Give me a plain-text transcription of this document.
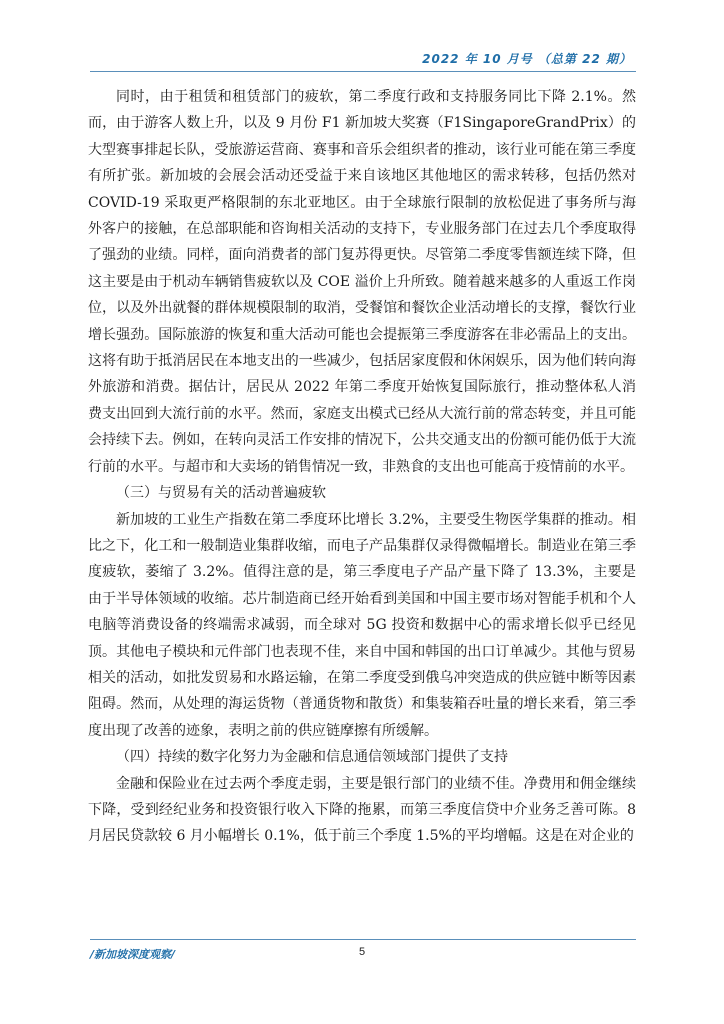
2022 年 10 月号 （总第 22 期）

同时，由于租赁和租赁部门的疲软，第二季度行政和支持服务同比下降 2.1%。然而，由于游客人数上升，以及 9 月份 F1 新加坡大奖赛（F1SingaporeGrandPrix）的大型赛事排起长队，受旅游运营商、赛事和音乐会组织者的推动，该行业可能在第三季度有所扩张。新加坡的会展会活动还受益于来自该地区其他地区的需求转移，包括仍然对 COVID-19 采取更严格限制的东北亚地区。由于全球旅行限制的放松促进了事务所与海外客户的接触，在总部职能和咨询相关活动的支持下，专业服务部门在过去几个季度取得了强劲的业绩。同样，面向消费者的部门复苏得更快。尽管第二季度零售额连续下降，但这主要是由于机动车辆销售疲软以及 COE 溢价上升所致。随着越来越多的人重返工作岗位，以及外出就餐的群体规模限制的取消，受餐馆和餐饮企业活动增长的支撑，餐饮行业增长强劲。国际旅游的恢复和重大活动可能也会提振第三季度游客在非必需品上的支出。这将有助于抵消居民在本地支出的一些减少，包括居家度假和休闲娱乐，因为他们转向海外旅游和消费。据估计，居民从 2022 年第二季度开始恢复国际旅行，推动整体私人消费支出回到大流行前的水平。然而，家庭支出模式已经从大流行前的常态转变，并且可能会持续下去。例如，在转向灵活工作安排的情况下，公共交通支出的份额可能仍低于大流行前的水平。与超市和大卖场的销售情况一致，非熟食的支出也可能高于疫情前的水平。

（三）与贸易有关的活动普遍疲软

新加坡的工业生产指数在第二季度环比增长 3.2%，主要受生物医学集群的推动。相比之下，化工和一般制造业集群收缩，而电子产品集群仅录得微幅增长。制造业在第三季度疲软，萎缩了 3.2%。值得注意的是，第三季度电子产品产量下降了 13.3%，主要是由于半导体领域的收缩。芯片制造商已经开始看到美国和中国主要市场对智能手机和个人电脑等消费设备的终端需求减弱，而全球对 5G 投资和数据中心的需求增长似乎已经见顶。其他电子模块和元件部门也表现不佳，来自中国和韩国的出口订单减少。其他与贸易相关的活动，如批发贸易和水路运输，在第二季度受到俄乌冲突造成的供应链中断等因素阻碍。然而，从处理的海运货物（普通货物和散货）和集装箱吞吐量的增长来看，第三季度出现了改善的迹象，表明之前的供应链摩擦有所缓解。

（四）持续的数字化努力为金融和信息通信领域部门提供了支持

金融和保险业在过去两个季度走弱，主要是银行部门的业绩不佳。净费用和佣金继续下降，受到经纪业务和投资银行收入下降的拖累，而第三季度信贷中介业务乏善可陈。8 月居民贷款较 6 月小幅增长 0.1%，低于前三个季度 1.5%的平均增幅。这是在对企业的

/新加坡深度观察/	5
